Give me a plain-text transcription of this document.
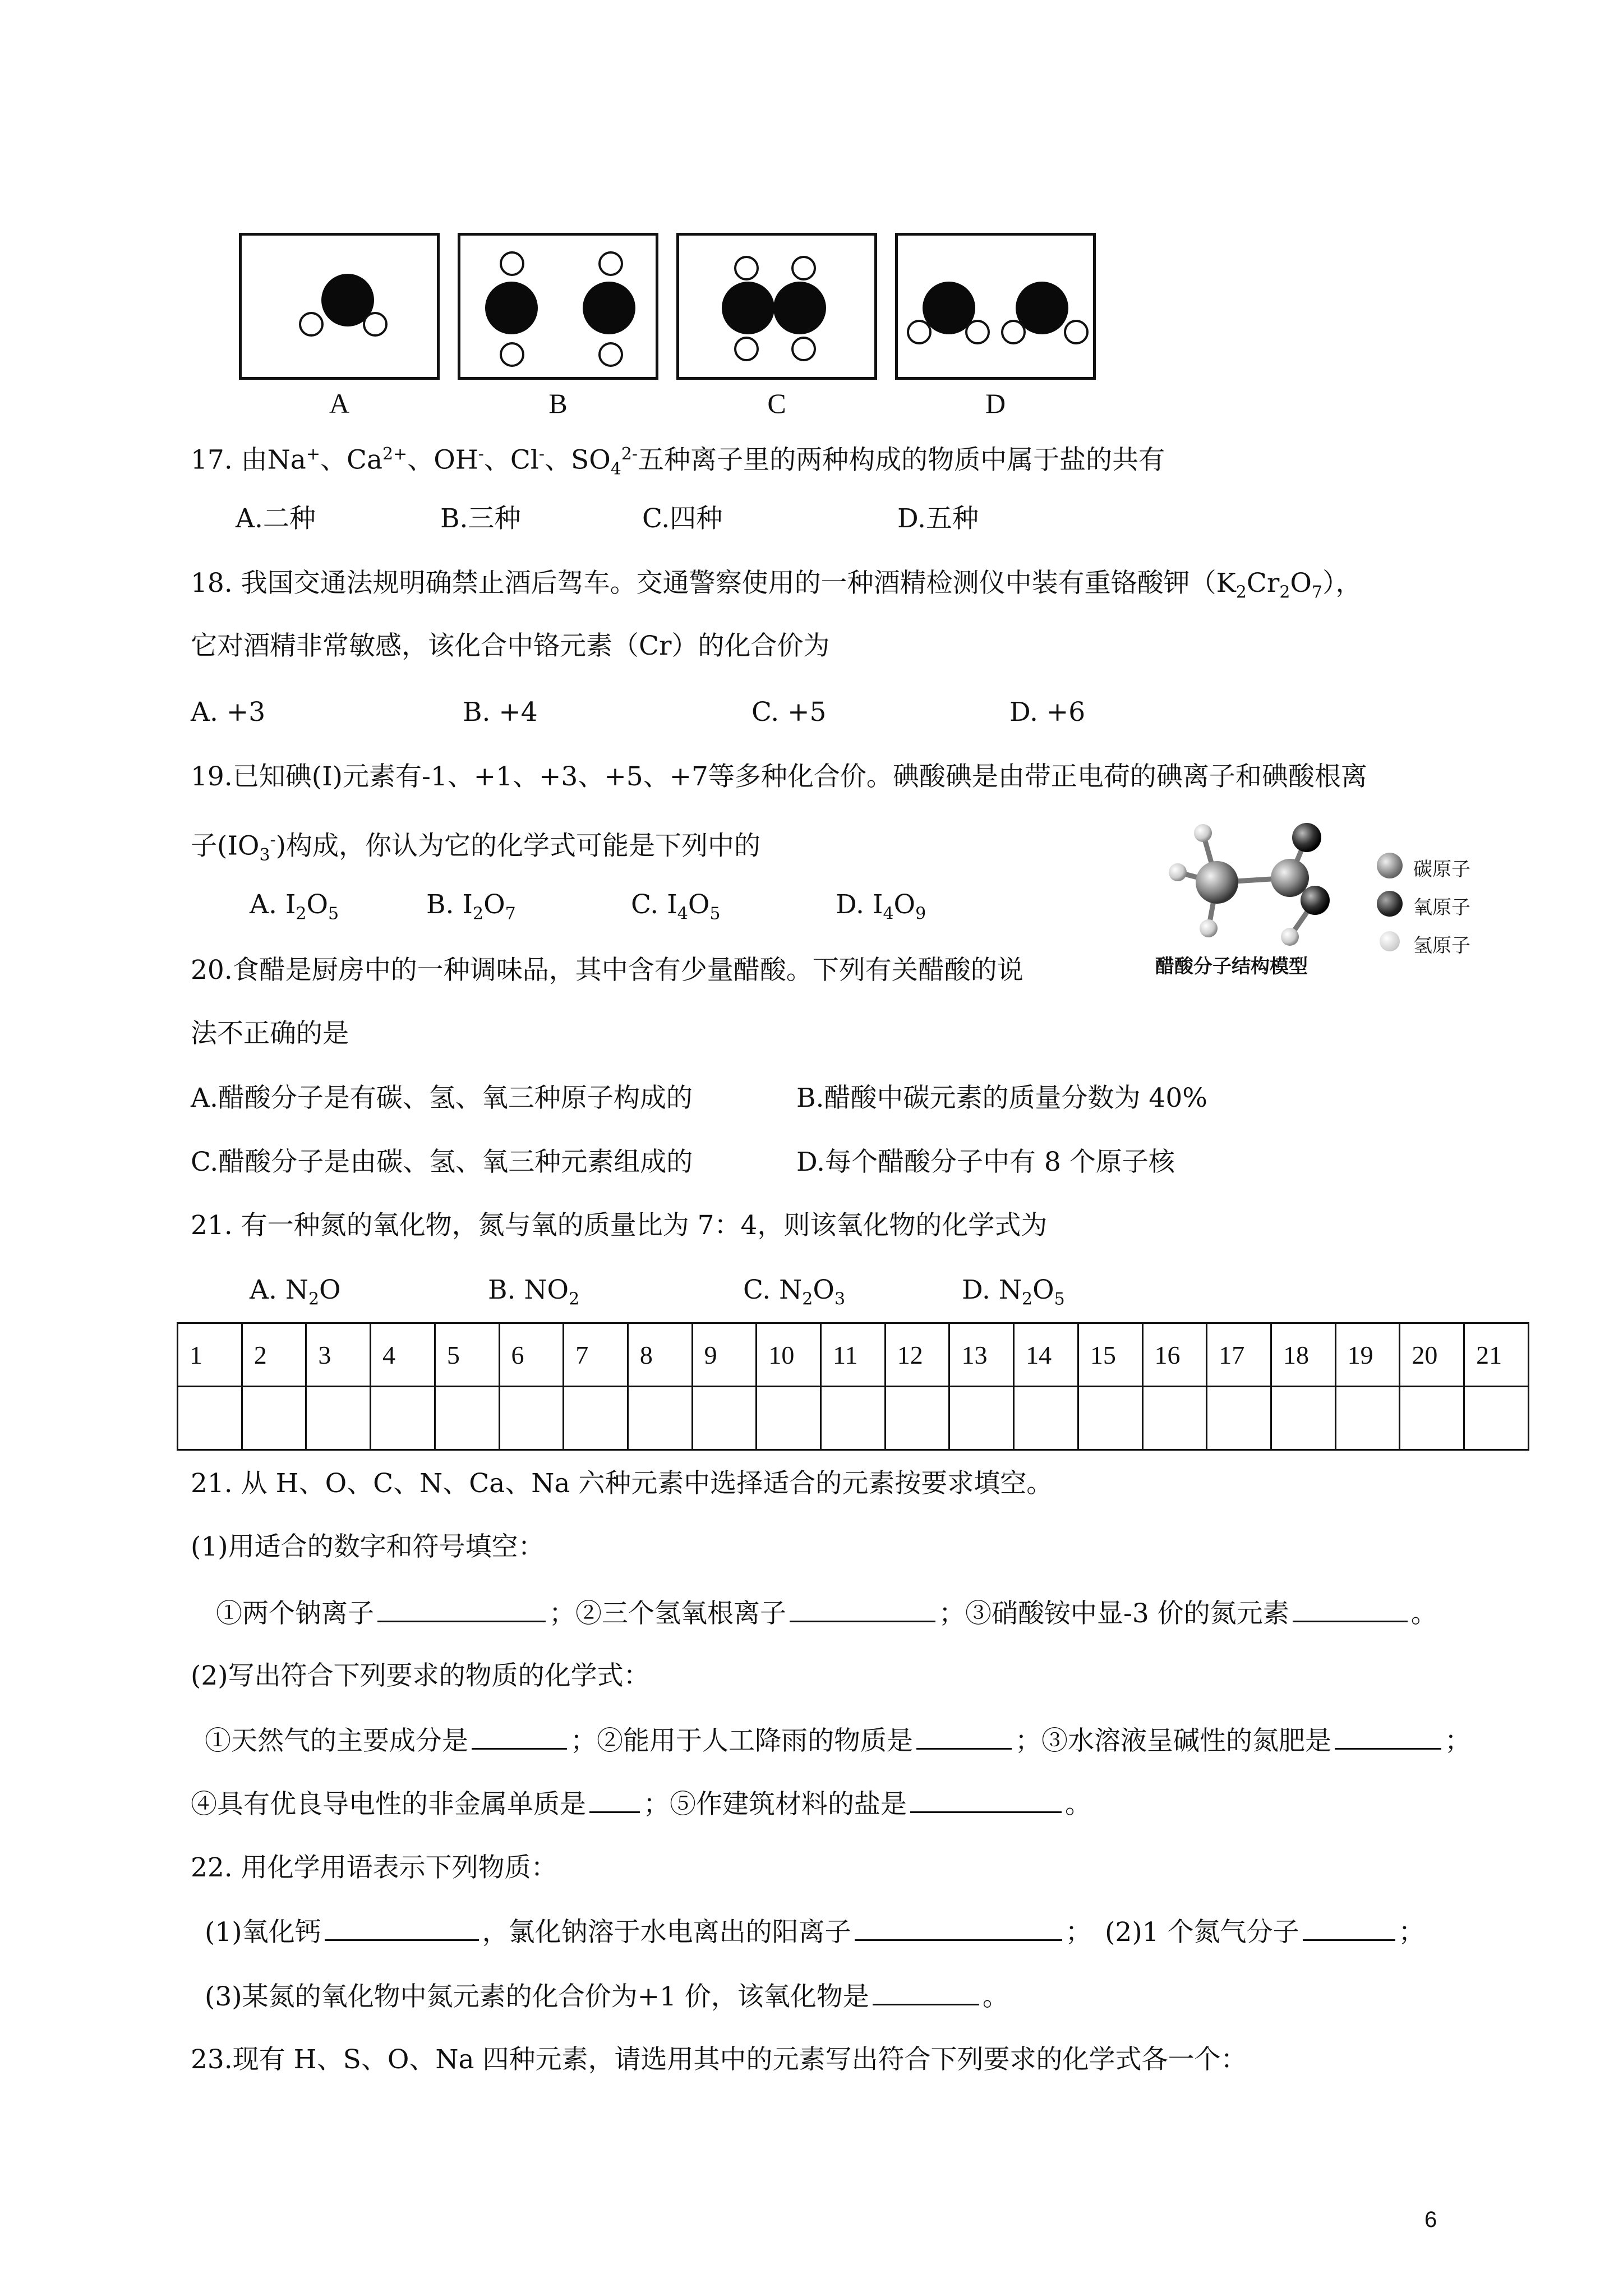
A	B	C	D
17. 由Na+、$Ca^{2+}$、OH-、Cl-、$SO_4^{2-}$五种离子里的两种构成的物质中属于盐的共有
A.二种	B.三种	C.四种	D.五种
18. 我国交通法规明确禁止酒后驾车。交通警察使用的一种酒精检测仪中装有重铬酸钾$(K_2Cr_2O_7)$，
它对酒精非常敏感，该化合中铬元素（Cr）的化合价为
A. +3	B. +4	C. +5	D. +6
19.已知碘(I)元素有-1、+1、+3、+5、+7等多种化合价。碘酸碘是由带正电荷的碘离子和碘酸根离
子$(IO_3^-)$构成，你认为它的化学式可能是下列中的
A. $I_2O_5$	B. $I_2O_7$	C. $I_4O_5$	D. $I_4O_9$
醋酸分子结构模型
碳原子
氧原子
氢原子
20.食醋是厨房中的一种调味品，其中含有少量醋酸。下列有关醋酸的说
法不正确的是
A.醋酸分子是有碳、氢、氧三种原子构成的	B.醋酸中碳元素的质量分数为 40%
C.醋酸分子是由碳、氢、氧三种元素组成的	D.每个醋酸分子中有 8 个原子核
21. 有一种氮的氧化物，氮与氧的质量比为 7：4，则该氧化物的化学式为
A. $N_2O$	B. $NO_2$	C. $N_2O_3$	D. $N_2O_5$
1	2	3	4	5	6	7	8	9	10	11	12	13	14	15	16	17	18	19	20	21

21. 从 H、O、C、N、Ca、Na 六种元素中选择适合的元素按要求填空。
(1)用适合的数字和符号填空：
①两个钠离子	；②三个氢氧根离子	；③硝酸铵中显-3 价的氮元素	。
(2)写出符合下列要求的物质的化学式：
①天然气的主要成分是	；②能用于人工降雨的物质是	；③水溶液呈碱性的氮肥是	；
④具有优良导电性的非金属单质是 ；⑤作建筑材料的盐是	。
22. 用化学用语表示下列物质：
(1)氧化钙	，氯化钠溶于水电离出的阳离子	；　(2)1 个氮气分子	；
(3)某氮的氧化物中氮元素的化合价为+1 价，该氧化物是	。
23.现有 H、S、O、Na 四种元素，请选用其中的元素写出符合下列要求的化学式各一个：
6
